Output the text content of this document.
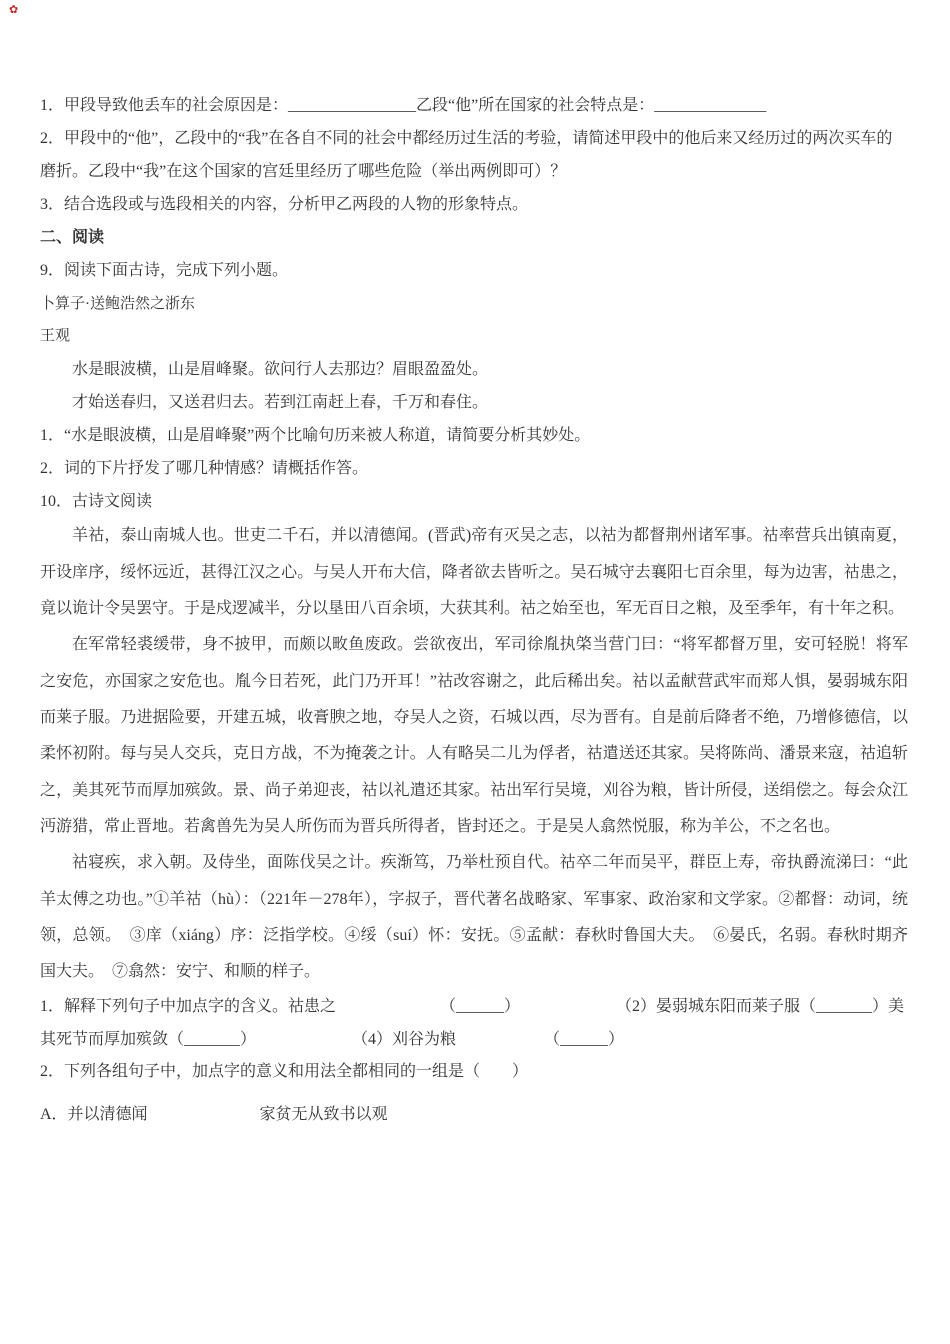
✿

1．甲段导致他丢车的社会原因是：________________乙段“他”所在国家的社会特点是：______________

2．甲段中的“他”，乙段中的“我”在各自不同的社会中都经历过生活的考验，请简述甲段中的他后来又经历过的两次买车的磨折。乙段中“我”在这个国家的宫廷里经历了哪些危险（举出两例即可）？

3．结合选段或与选段相关的内容，分析甲乙两段的人物的形象特点。

二、阅读

9．阅读下面古诗，完成下列小题。

卜算子·送鲍浩然之浙东

王观

水是眼波横，山是眉峰聚。欲问行人去那边？眉眼盈盈处。

才始送春归，又送君归去。若到江南赶上春，千万和春住。

1．“水是眼波横，山是眉峰聚”两个比喻句历来被人称道，请简要分析其妙处。

2．词的下片抒发了哪几种情感？请概括作答。

10．古诗文阅读

羊祜，泰山南城人也。世吏二千石，并以清德闻。(晋武)帝有灭吴之志，以祜为都督荆州诸军事。祜率营兵出镇南夏，开设庠序，绥怀远近，甚得江汉之心。与吴人开布大信，降者欲去皆听之。吴石城守去襄阳七百余里，每为边害，祜患之，竟以诡计令吴罢守。于是戍逻减半，分以垦田八百余顷，大获其利。祜之始至也，军无百日之粮，及至季年，有十年之积。

在军常轻裘缓带，身不披甲，而颇以畋鱼废政。尝欲夜出，军司徐胤执棨当营门曰：“将军都督万里，安可轻脱！将军之安危，亦国家之安危也。胤今日若死，此门乃开耳！”祜改容谢之，此后稀出矣。祜以孟献营武牢而郑人惧，晏弱城东阳而莱子服。乃进据险要，开建五城，收膏腴之地，夺吴人之资，石城以西，尽为晋有。自是前后降者不绝，乃增修德信，以柔怀初附。每与吴人交兵，克日方战，不为掩袭之计。人有略吴二儿为俘者，祜遣送还其家。吴将陈尚、潘景来寇，祜追斩之，美其死节而厚加殡敛。景、尚子弟迎丧，祜以礼遣还其家。祜出军行吴境，刈谷为粮，皆计所侵，送绢偿之。每会众江沔游猎，常止晋地。若禽兽先为吴人所伤而为晋兵所得者，皆封还之。于是吴人翕然悦服，称为羊公，不之名也。

祜寝疾，求入朝。及侍坐，面陈伐吴之计。疾渐笃，乃举杜预自代。祜卒二年而吴平，群臣上寿，帝执爵流涕曰：“此羊太傅之功也。”①羊祜（hù）：（221年－278年），字叔子，晋代著名战略家、军事家、政治家和文学家。②都督：动词，统领，总领。　③庠（xiáng）序：泛指学校。④绥（suí）怀：安抚。⑤孟献：春秋时鲁国大夫。　⑥晏氏，名弱。春秋时期齐国大夫。　⑦翕然：安宁、和顺的样子。

1．解释下列句子中加点字的含义。祜患之　　　　　　　（______）　　　　　　　（2）晏弱城东阳而莱子服（_______）美其死节而厚加殡敛（_______）　　　　　　　（4）刈谷为粮　　　　　　（______）

2．下列各组句子中，加点字的意义和用法全都相同的一组是（　　）

A．并以清德闻　　　　　　　家贫无从致书以观
